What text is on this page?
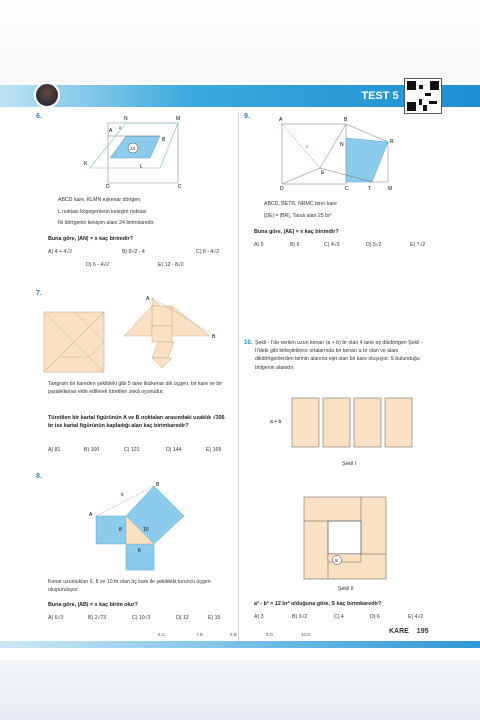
TEST 5
6.
24
N	M
A
x
B
K	L
D	C
ABCD kare, KLMN eşkenar dörtgen,
L noktası köşegenlerin kesişim noktası
İki dörtgenin kesişim alanı 24 birimkaredir.
Buna göre, |AN| = x kaç birimdir?
A) 4 + 4√2	B) 8√2 - 4	C) 8 - 4√2
D) 6 - 4√2	E) 12 - 8√2
7.
A
B
Tangram bir kareden şekildeki gibi 5 tane ikizkenar dik üçgen, bir kare ve bir paralelkenar elde edilerek türetilen zekâ oyunudur.
Türetilen bir kartal figürünün A ve B noktaları arasındaki uzaklık √306 br ise kartal figürünün kapladığı alan kaç birimkaredir?
A) 81	B) 100	C) 121	D) 144	E) 169
8.
x
A
B
8	10
6
Kenar uzunlukları 6, 8 ve 10 br olan üç kare ile şekildeki turuncu üçgen oluşturuluyor.
Buna göre, |AB| = x kaç birim olur?
A) 6√3	B) 2√73	C) 10√3	D) 12	E) 15
9.	A	B
N	R
x
E
D	C	T	M
ABCD, BETR, NRMC birer kare
|DE| = |BR|, Taralı alan 25 br²
Buna göre, |AE| = x kaç birimdir?
A) 5	B) 6	C) 4√3	D) 5√2	E) 7√2
10. Şekil - I'de verilen uzun kenarı (a + b) br olan 4 tane eş dikdörtgen Şekil - II'deki gibi birleştirilince ortalarında bir kenarı a br olan ve alanı dikdörtgenlerden birinin alanına eşit olan bir kare oluşuyor. S bulunduğu bölgenin alanıdır.
a + b
Şekil I
S
Şekil II
a² - b² = 12 br² olduğuna göre, S kaç birimkaredir?
A) 3	B) 3√2	C) 4	D) 6	E) 4√2
6.C	7.D	8.B	9.D	10.D	KARE 195
